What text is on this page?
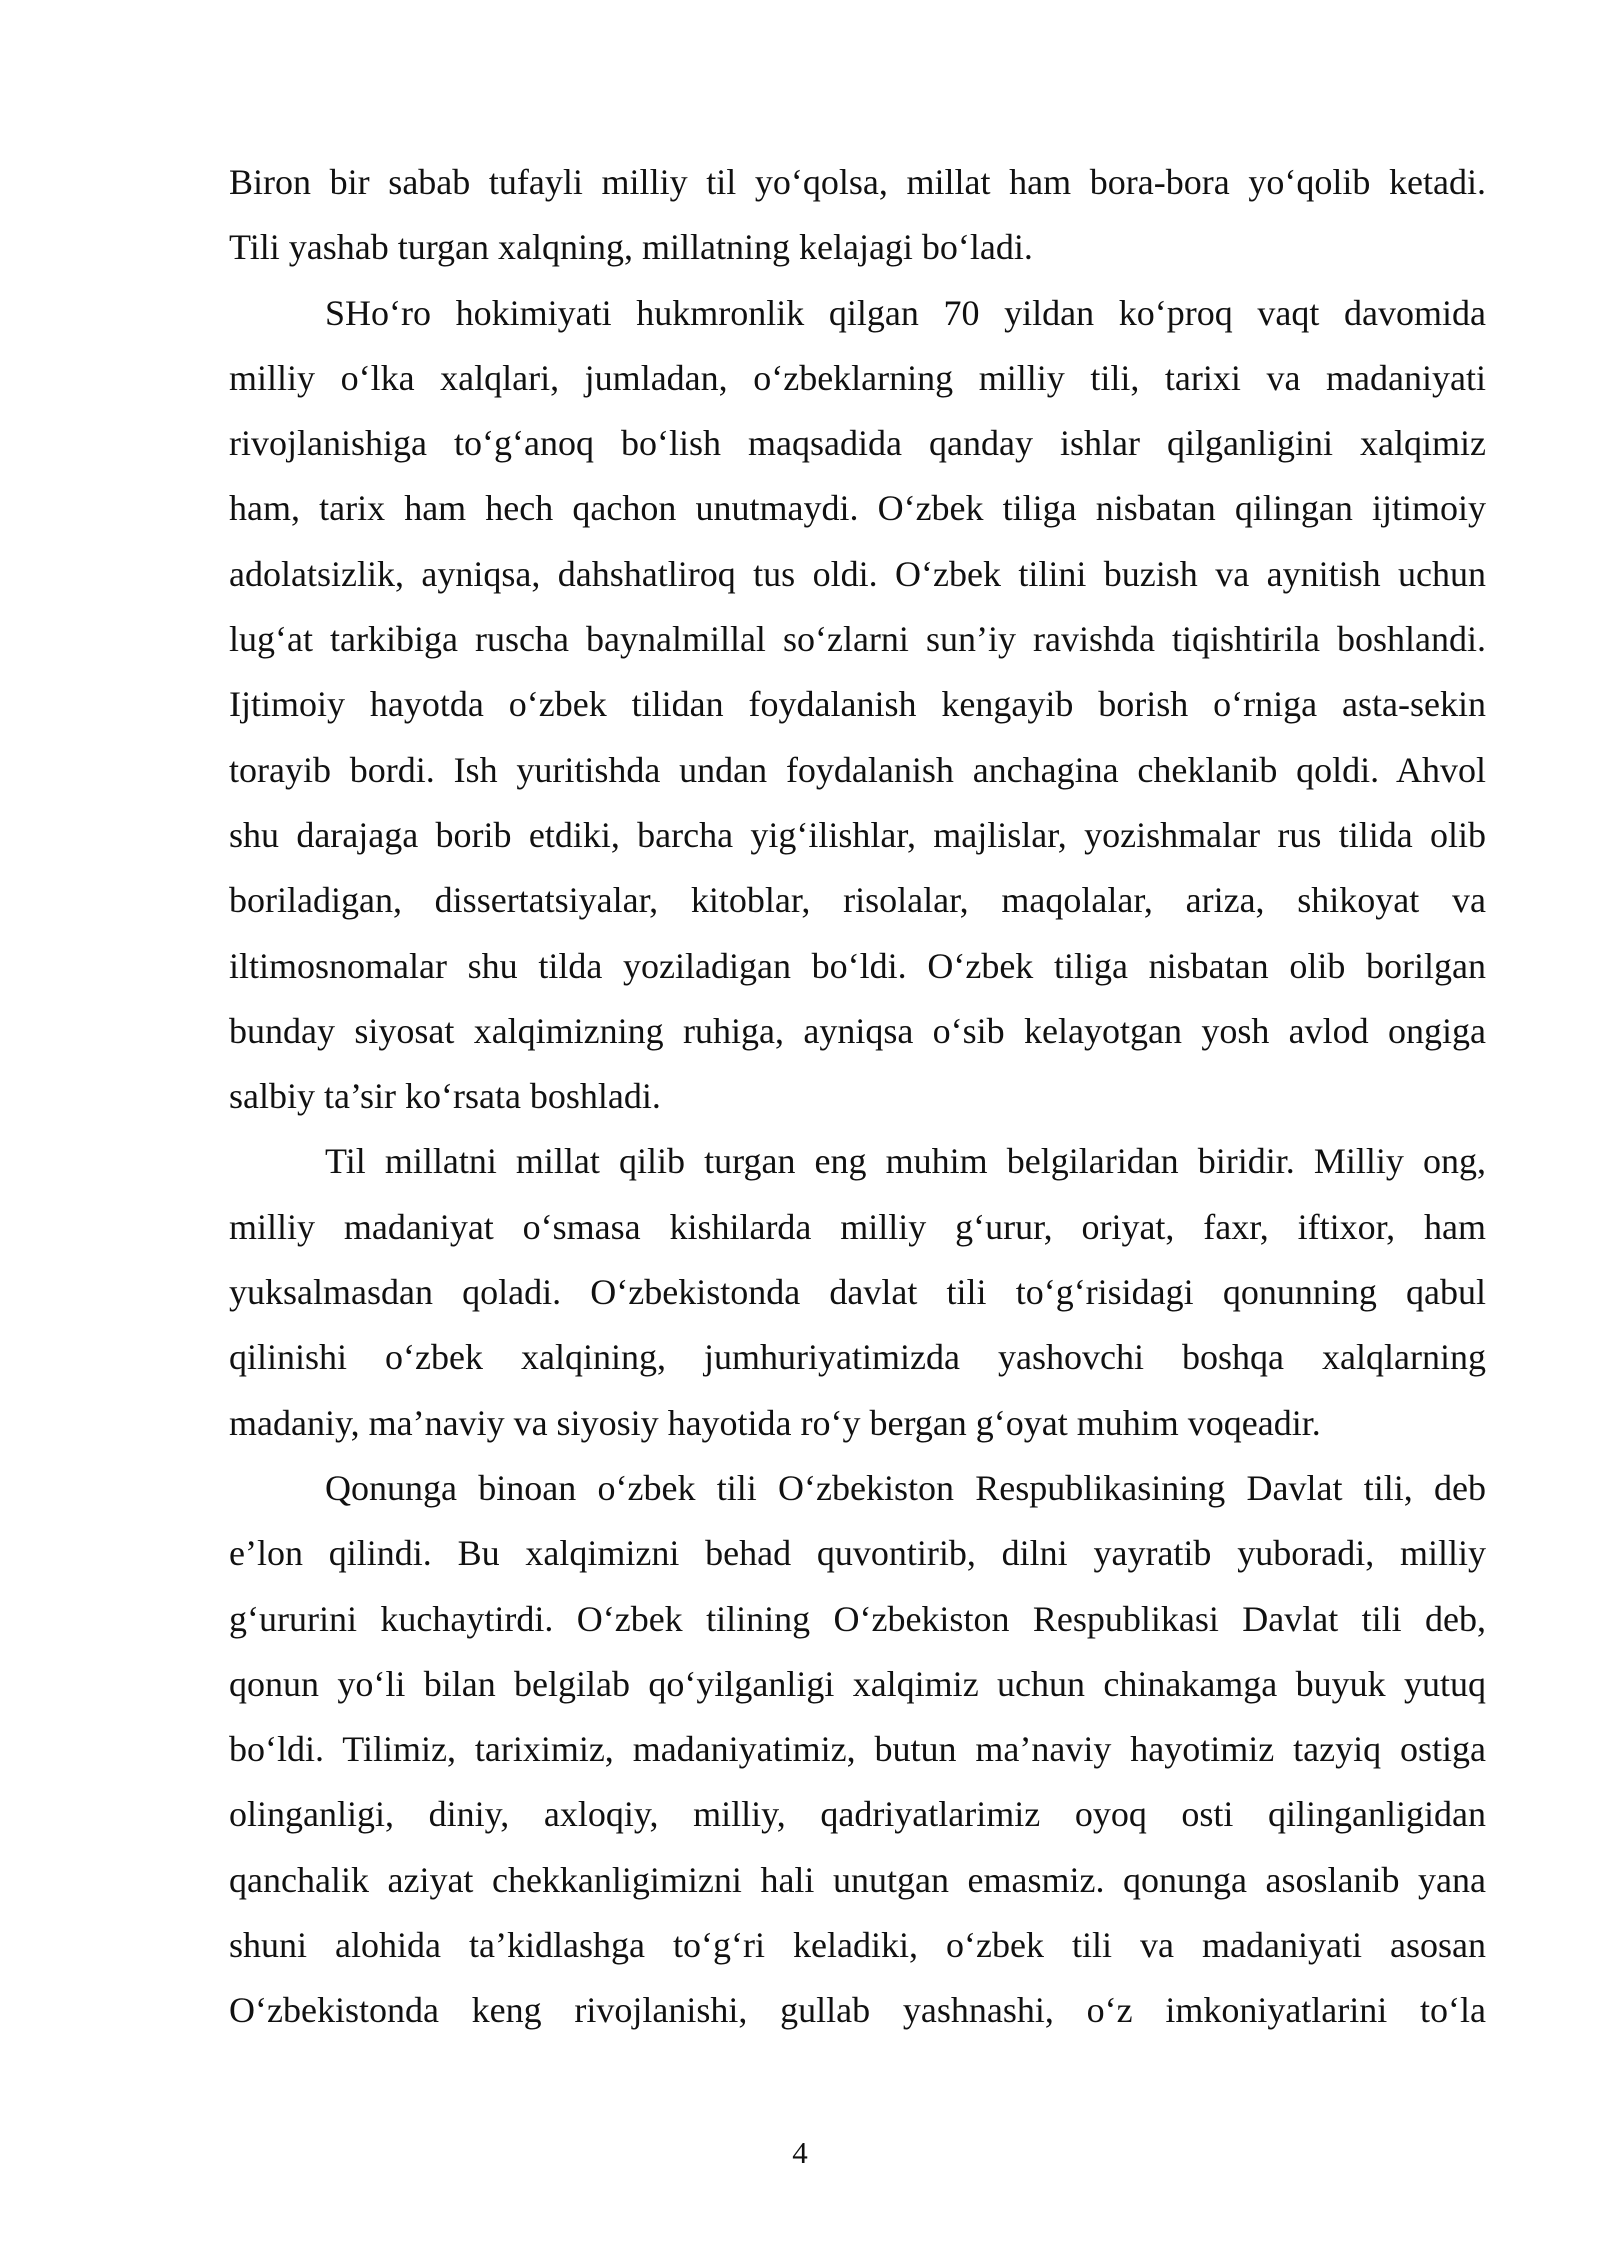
Biron bir sabab tufayli milliy til yo‘qolsa, millat ham bora-bora yo‘qolib ketadi.
Tili yashab turgan xalqning, millatning kelajagi bo‘ladi.
SHo‘ro hokimiyati hukmronlik qilgan 70 yildan ko‘proq vaqt davomida
milliy o‘lka xalqlari, jumladan, o‘zbeklarning milliy tili, tarixi va madaniyati
rivojlanishiga to‘g‘anoq bo‘lish maqsadida qanday ishlar qilganligini xalqimiz
ham, tarix ham hech qachon unutmaydi. O‘zbek tiliga nisbatan qilingan ijtimoiy
adolatsizlik, ayniqsa, dahshatliroq tus oldi. O‘zbek tilini buzish va aynitish uchun
lug‘at tarkibiga ruscha baynalmillal so‘zlarni sun’iy ravishda tiqishtirila boshlandi.
Ijtimoiy hayotda o‘zbek tilidan foydalanish kengayib borish o‘rniga asta-sekin
torayib bordi. Ish yuritishda undan foydalanish anchagina cheklanib qoldi. Ahvol
shu darajaga borib etdiki, barcha yig‘ilishlar, majlislar, yozishmalar rus tilida olib
boriladigan, dissertatsiyalar, kitoblar, risolalar, maqolalar, ariza, shikoyat va
iltimosnomalar shu tilda yoziladigan bo‘ldi. O‘zbek tiliga nisbatan olib borilgan
bunday siyosat xalqimizning ruhiga, ayniqsa o‘sib kelayotgan yosh avlod ongiga
salbiy ta’sir ko‘rsata boshladi.
Til millatni millat qilib turgan eng muhim belgilaridan biridir. Milliy ong,
milliy madaniyat o‘smasa kishilarda milliy g‘urur, oriyat, faxr, iftixor, ham
yuksalmasdan qoladi. O‘zbekistonda davlat tili to‘g‘risidagi qonunning qabul
qilinishi o‘zbek xalqining, jumhuriyatimizda yashovchi boshqa xalqlarning
madaniy, ma’naviy va siyosiy hayotida ro‘y bergan g‘oyat muhim voqeadir.
Qonunga binoan o‘zbek tili O‘zbekiston Respublikasining Davlat tili, deb
e’lon qilindi. Bu xalqimizni behad quvontirib, dilni yayratib yuboradi, milliy
g‘ururini kuchaytirdi. O‘zbek tilining O‘zbekiston Respublikasi Davlat tili deb,
qonun yo‘li bilan belgilab qo‘yilganligi xalqimiz uchun chinakamga buyuk yutuq
bo‘ldi. Tilimiz, tariximiz, madaniyatimiz, butun ma’naviy hayotimiz tazyiq ostiga
olinganligi, diniy, axloqiy, milliy, qadriyatlarimiz oyoq osti qilinganligidan
qanchalik aziyat chekkanligimizni hali unutgan emasmiz. qonunga asoslanib yana
shuni alohida ta’kidlashga to‘g‘ri keladiki, o‘zbek tili va madaniyati asosan
O‘zbekistonda keng rivojlanishi, gullab yashnashi, o‘z imkoniyatlarini to‘la
4
